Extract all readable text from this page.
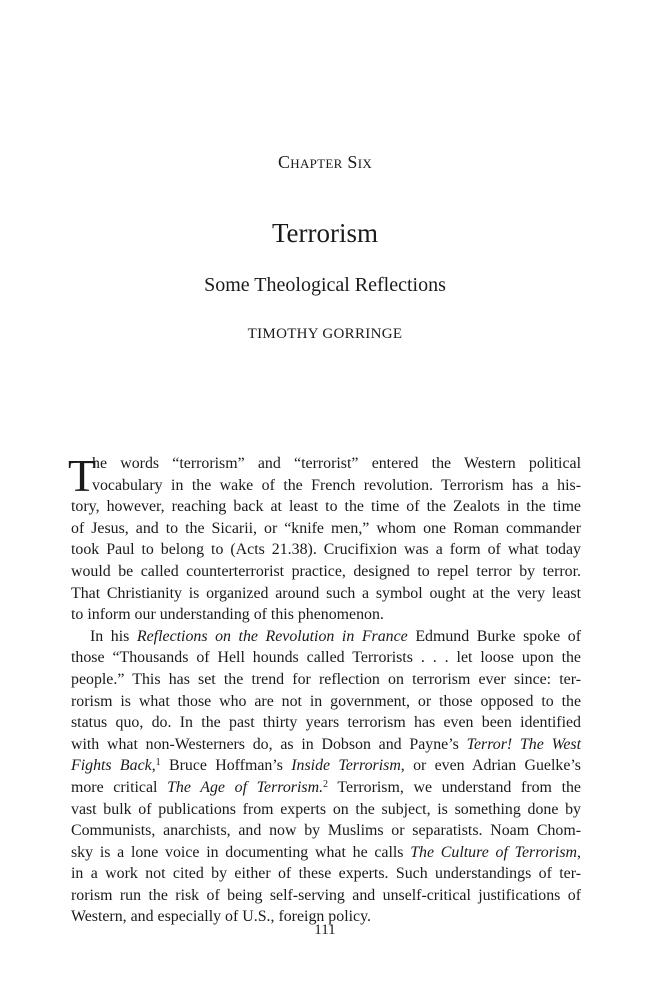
Chapter Six
Terrorism
Some Theological Reflections
TIMOTHY GORRINGE
T
he words “terrorism” and “terrorist” entered the Western political
vocabulary in the wake of the French revolution. Terrorism has a his-
tory, however, reaching back at least to the time of the Zealots in the time
of Jesus, and to the Sicarii, or “knife men,” whom one Roman commander
took Paul to belong to (Acts 21.38). Crucifixion was a form of what today
would be called counterterrorist practice, designed to repel terror by terror.
That Christianity is organized around such a symbol ought at the very least
to inform our understanding of this phenomenon.
In his Reflections on the Revolution in France Edmund Burke spoke of
those “Thousands of Hell hounds called Terrorists . . . let loose upon the
people.” This has set the trend for reflection on terrorism ever since: ter-
rorism is what those who are not in government, or those opposed to the
status quo, do. In the past thirty years terrorism has even been identified
with what non-Westerners do, as in Dobson and Payne’s Terror! The West
Fights Back,$^1$ Bruce Hoffman’s Inside Terrorism, or even Adrian Guelke’s
more critical The Age of Terrorism.$^2$ Terrorism, we understand from the
vast bulk of publications from experts on the subject, is something done by
Communists, anarchists, and now by Muslims or separatists. Noam Chom-
sky is a lone voice in documenting what he calls The Culture of Terrorism,
in a work not cited by either of these experts. Such understandings of ter-
rorism run the risk of being self-serving and unself-critical justifications of
Western, and especially of U.S., foreign policy.
111
